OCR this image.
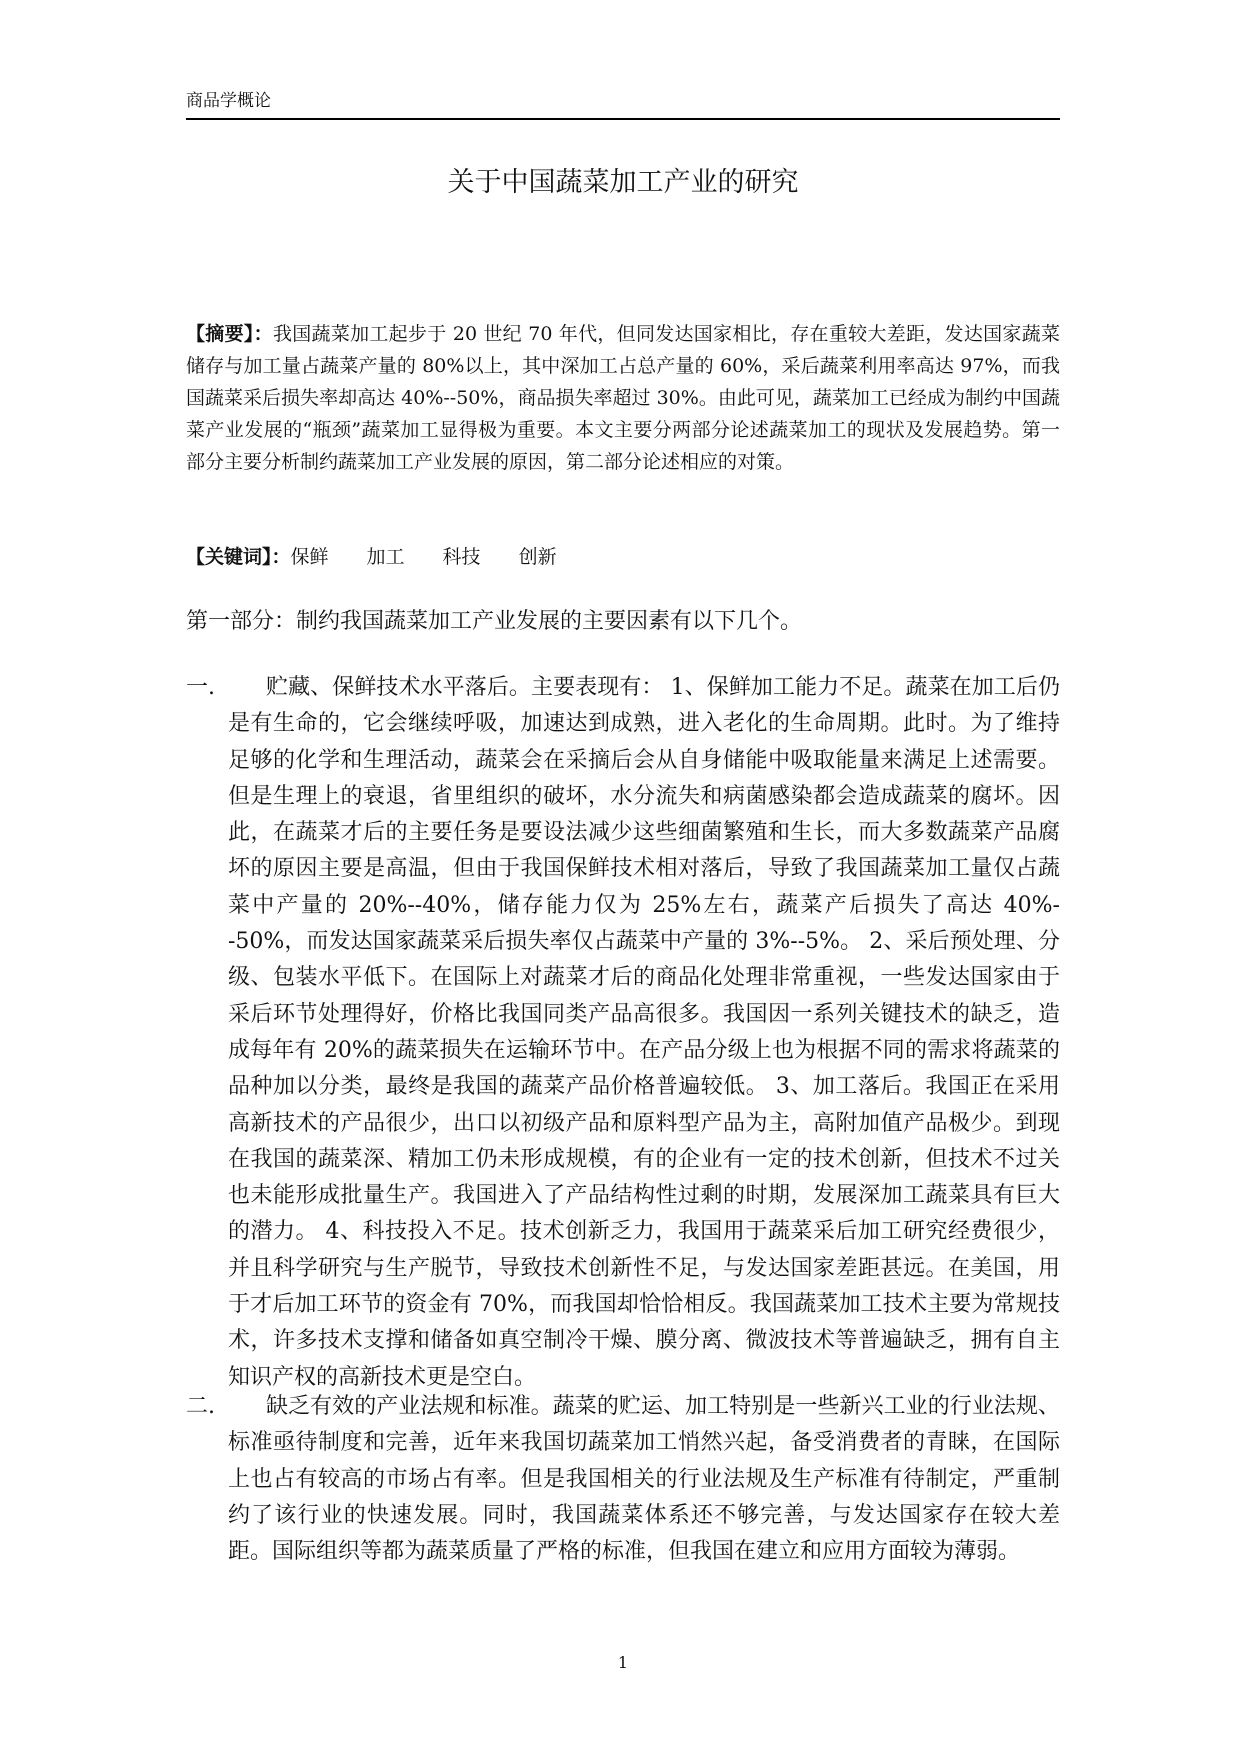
商品学概论
关于中国蔬菜加工产业的研究
【摘要】：我国蔬菜加工起步于 20 世纪 70 年代，但同发达国家相比，存在重较大差距，发达国家蔬菜储存与加工量占蔬菜产量的 80%以上，其中深加工占总产量的 60%，采后蔬菜利用率高达 97%，而我国蔬菜采后损失率却高达 40%--50%，商品损失率超过 30%。由此可见，蔬菜加工已经成为制约中国蔬菜产业发展的“瓶颈”蔬菜加工显得极为重要。本文主要分两部分论述蔬菜加工的现状及发展趋势。第一部分主要分析制约蔬菜加工产业发展的原因，第二部分论述相应的对策。
【关键词】：保鲜 加工 科技 创新
第一部分：制约我国蔬菜加工产业发展的主要因素有以下几个。
一.	贮藏、保鲜技术水平落后。主要表现有： 1、保鲜加工能力不足。蔬菜在加工后仍是有生命的，它会继续呼吸，加速达到成熟，进入老化的生命周期。此时。为了维持足够的化学和生理活动，蔬菜会在采摘后会从自身储能中吸取能量来满足上述需要。但是生理上的衰退，省里组织的破坏，水分流失和病菌感染都会造成蔬菜的腐坏。因此，在蔬菜才后的主要任务是要设法减少这些细菌繁殖和生长，而大多数蔬菜产品腐坏的原因主要是高温，但由于我国保鲜技术相对落后，导致了我国蔬菜加工量仅占蔬菜中产量的 20%--40%，储存能力仅为 25%左右，蔬菜产后损失了高达 40%--50%，而发达国家蔬菜采后损失率仅占蔬菜中产量的 3%--5%。 2、采后预处理、分级、包装水平低下。在国际上对蔬菜才后的商品化处理非常重视，一些发达国家由于采后环节处理得好，价格比我国同类产品高很多。我国因一系列关键技术的缺乏，造成每年有 20%的蔬菜损失在运输环节中。在产品分级上也为根据不同的需求将蔬菜的品种加以分类，最终是我国的蔬菜产品价格普遍较低。 3、加工落后。我国正在采用高新技术的产品很少，出口以初级产品和原料型产品为主，高附加值产品极少。到现在我国的蔬菜深、精加工仍未形成规模，有的企业有一定的技术创新，但技术不过关也未能形成批量生产。我国进入了产品结构性过剩的时期，发展深加工蔬菜具有巨大的潜力。 4、科技投入不足。技术创新乏力，我国用于蔬菜采后加工研究经费很少，并且科学研究与生产脱节，导致技术创新性不足，与发达国家差距甚远。在美国，用于才后加工环节的资金有 70%，而我国却恰恰相反。我国蔬菜加工技术主要为常规技术，许多技术支撑和储备如真空制冷干燥、膜分离、微波技术等普遍缺乏，拥有自主知识产权的高新技术更是空白。
二.	缺乏有效的产业法规和标准。蔬菜的贮运、加工特别是一些新兴工业的行业法规、标准亟待制度和完善，近年来我国切蔬菜加工悄然兴起，备受消费者的青睐，在国际上也占有较高的市场占有率。但是我国相关的行业法规及生产标准有待制定，严重制约了该行业的快速发展。同时，我国蔬菜体系还不够完善，与发达国家存在较大差距。国际组织等都为蔬菜质量了严格的标准，但我国在建立和应用方面较为薄弱。
1
